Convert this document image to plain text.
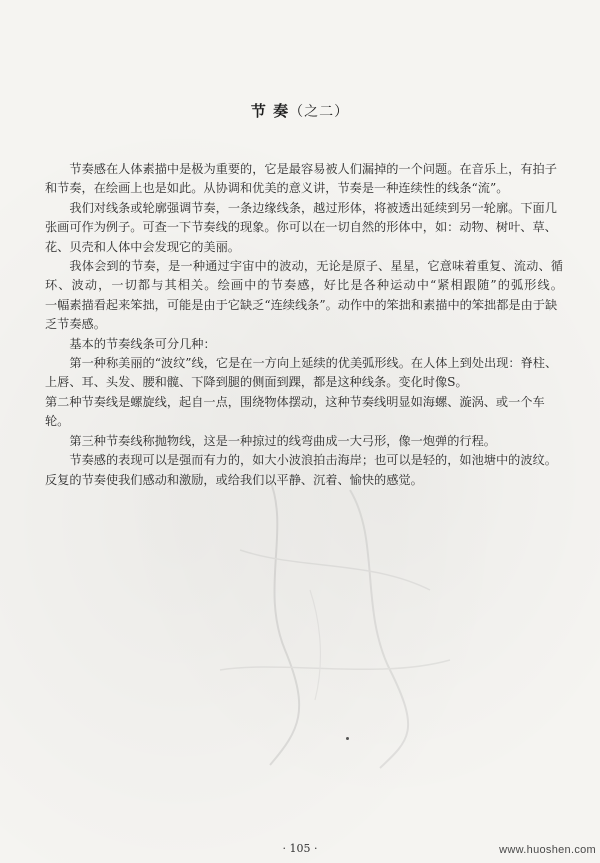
节 奏（之二）

节奏感在人体素描中是极为重要的，它是最容易被人们漏掉的一个问题。在音乐上，有拍子和节奏，在绘画上也是如此。从协调和优美的意义讲，节奏是一种连续性的线条“流”。

我们对线条或轮廓强调节奏，一条边缘线条，越过形体，将被透出延续到另一轮廓。下面几张画可作为例子。可查一下节奏线的现象。你可以在一切自然的形体中，如：动物、树叶、草、花、贝壳和人体中会发现它的美丽。

我体会到的节奏，是一种通过宇宙中的波动，无论是原子、星星，它意味着重复、流动、循环、波动，一切都与其相关。绘画中的节奏感，好比是各种运动中“紧相跟随”的弧形线。

一幅素描看起来笨拙，可能是由于它缺乏“连续线条”。动作中的笨拙和素描中的笨拙都是由于缺乏节奏感。

基本的节奏线条可分几种：

第一种称美丽的“波纹”线，它是在一方向上延续的优美弧形线。在人体上到处出现：脊柱、上唇、耳、头发、腰和髋、下降到腿的侧面到踝，都是这种线条。变化时像S。

第二种节奏线是螺旋线，起自一点，围绕物体摆动，这种节奏线明显如海螺、漩涡、或一个车轮。

第三种节奏线称抛物线，这是一种掠过的线弯曲成一大弓形，像一炮弹的行程。

节奏感的表现可以是强而有力的，如大小波浪拍击海岸；也可以是轻的，如池塘中的波纹。反复的节奏使我们感动和激励，或给我们以平静、沉着、愉快的感觉。

· 105 ·	www.huoshen.com
